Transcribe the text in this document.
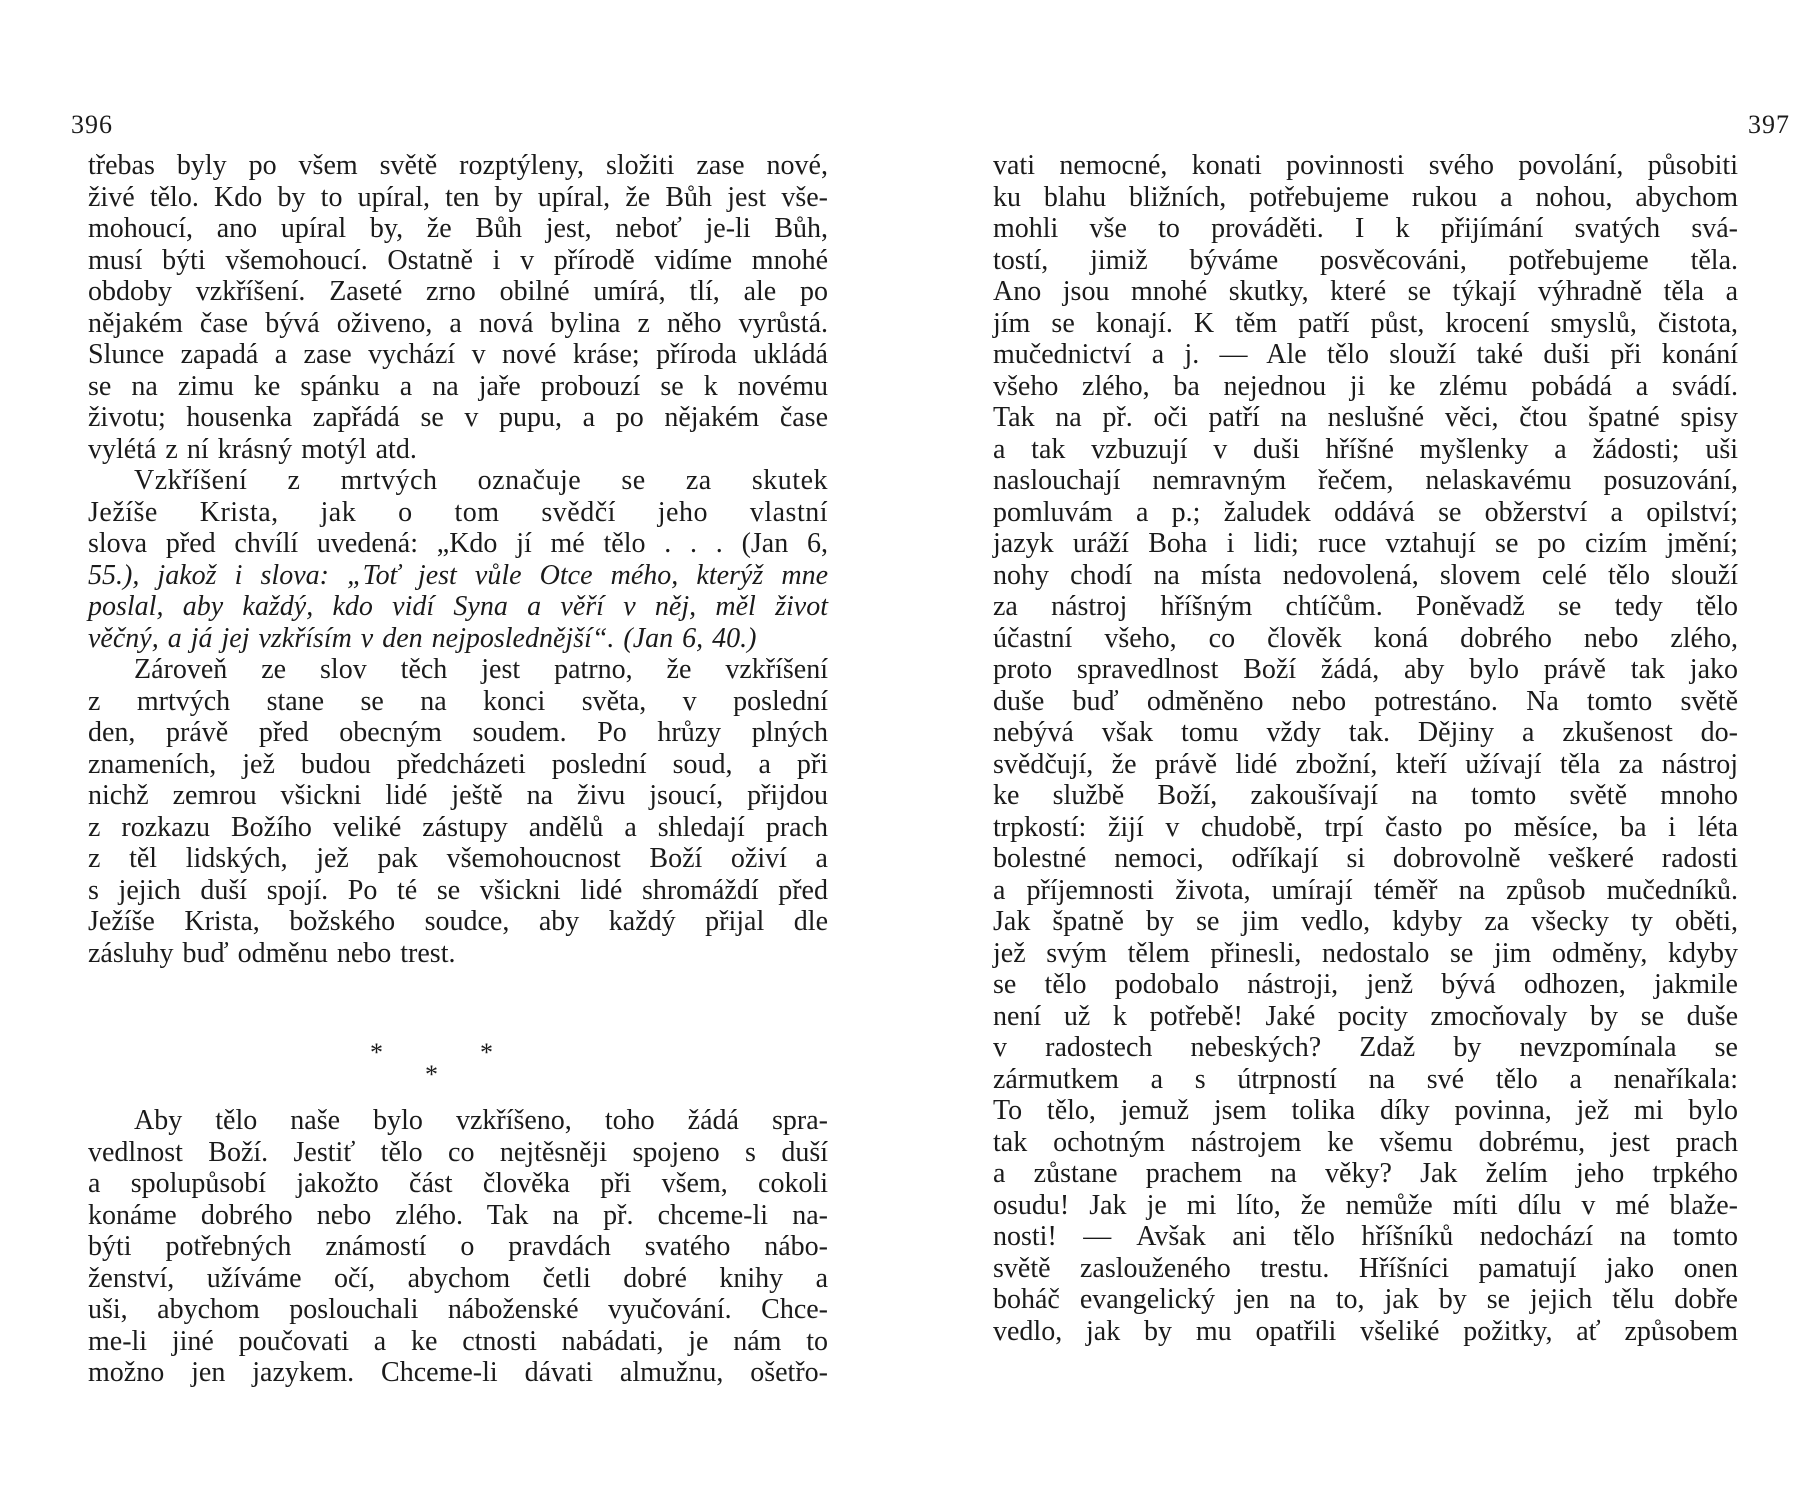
396
třebas byly po všem světě rozptýleny, složiti zase nové,
živé tělo. Kdo by to upíral, ten by upíral, že Bůh jest vše-
mohoucí, ano upíral by, že Bůh jest, neboť je-li Bůh,
musí býti všemohoucí. Ostatně i v přírodě vidíme mnohé
obdoby vzkříšení. Zaseté zrno obilné umírá, tlí, ale po
nějakém čase bývá oživeno, a nová bylina z něho vyrůstá.
Slunce zapadá a zase vychází v nové kráse; příroda ukládá
se na zimu ke spánku a na jaře probouzí se k novému
životu; housenka zapřádá se v pupu, a po nějakém čase
vylétá z ní krásný motýl atd.
Vzkříšení z mrtvých označuje se za skutek
Ježíše Krista, jak o tom svědčí jeho vlastní
slova před chvílí uvedená: „Kdo jí mé tělo . . . (Jan 6,
55.), jakož i slova: „Toť jest vůle Otce mého, kterýž mne
poslal, aby každý, kdo vidí Syna a věří v něj, měl život
věčný, a já jej vzkřísím v den nejposlednější“. (Jan 6, 40.)
Zároveň ze slov těch jest patrno, že vzkříšení
z mrtvých stane se na konci světa, v poslední
den, právě před obecným soudem. Po hrůzy plných
znameních, jež budou předcházeti poslední soud, a při
nichž zemrou všickni lidé ještě na živu jsoucí, přijdou
z rozkazu Božího veliké zástupy andělů a shledají prach
z těl lidských, jež pak všemohoucnost Boží oživí a
s jejich duší spojí. Po té se všickni lidé shromáždí před
Ježíše Krista, božského soudce, aby každý přijal dle
zásluhy buď odměnu nebo trest.
*
*
*
Aby tělo naše bylo vzkříšeno, toho žádá spra-
vedlnost Boží. Jestiť tělo co nejtěsněji spojeno s duší
a spolupůsobí jakožto část člověka při všem, cokoli
konáme dobrého nebo zlého. Tak na př. chceme-li na-
býti potřebných známostí o pravdách svatého nábo-
ženství, užíváme očí, abychom četli dobré knihy a
uši, abychom poslouchali náboženské vyučování. Chce-
me-li jiné poučovati a ke ctnosti nabádati, je nám to
možno jen jazykem. Chceme-li dávati almužnu, ošetřo-
397
vati nemocné, konati povinnosti svého povolání, působiti
ku blahu bližních, potřebujeme rukou a nohou, abychom
mohli vše to prováděti. I k přijímání svatých svá-
tostí, jimiž býváme posvěcováni, potřebujeme těla.
Ano jsou mnohé skutky, které se týkají výhradně těla a
jím se konají. K těm patří půst, krocení smyslů, čistota,
mučednictví a j. — Ale tělo slouží také duši při konání
všeho zlého, ba nejednou ji ke zlému pobádá a svádí.
Tak na př. oči patří na neslušné věci, čtou špatné spisy
a tak vzbuzují v duši hříšné myšlenky a žádosti; uši
naslouchají nemravným řečem, nelaskavému posuzování,
pomluvám a p.; žaludek oddává se obžerství a opilství;
jazyk uráží Boha i lidi; ruce vztahují se po cizím jmění;
nohy chodí na místa nedovolená, slovem celé tělo slouží
za nástroj hříšným chtíčům. Poněvadž se tedy tělo
účastní všeho, co člověk koná dobrého nebo zlého,
proto spravedlnost Boží žádá, aby bylo právě tak jako
duše buď odměněno nebo potrestáno. Na tomto světě
nebývá však tomu vždy tak. Dějiny a zkušenost do-
svědčují, že právě lidé zbožní, kteří užívají těla za nástroj
ke službě Boží, zakoušívají na tomto světě mnoho
trpkostí: žijí v chudobě, trpí často po měsíce, ba i léta
bolestné nemoci, odříkají si dobrovolně veškeré radosti
a příjemnosti života, umírají téměř na způsob mučedníků.
Jak špatně by se jim vedlo, kdyby za všecky ty oběti,
jež svým tělem přinesli, nedostalo se jim odměny, kdyby
se tělo podobalo nástroji, jenž bývá odhozen, jakmile
není už k potřebě! Jaké pocity zmocňovaly by se duše
v radostech nebeských? Zdaž by nevzpomínala se
zármutkem a s útrpností na své tělo a nenaříkala:
To tělo, jemuž jsem tolika díky povinna, jež mi bylo
tak ochotným nástrojem ke všemu dobrému, jest prach
a zůstane prachem na věky? Jak želím jeho trpkého
osudu! Jak je mi líto, že nemůže míti dílu v mé blaže-
nosti! — Avšak ani tělo hříšníků nedochází na tomto
světě zaslouženého trestu. Hříšníci pamatují jako onen
boháč evangelický jen na to, jak by se jejich tělu dobře
vedlo, jak by mu opatřili všeliké požitky, ať způsobem
